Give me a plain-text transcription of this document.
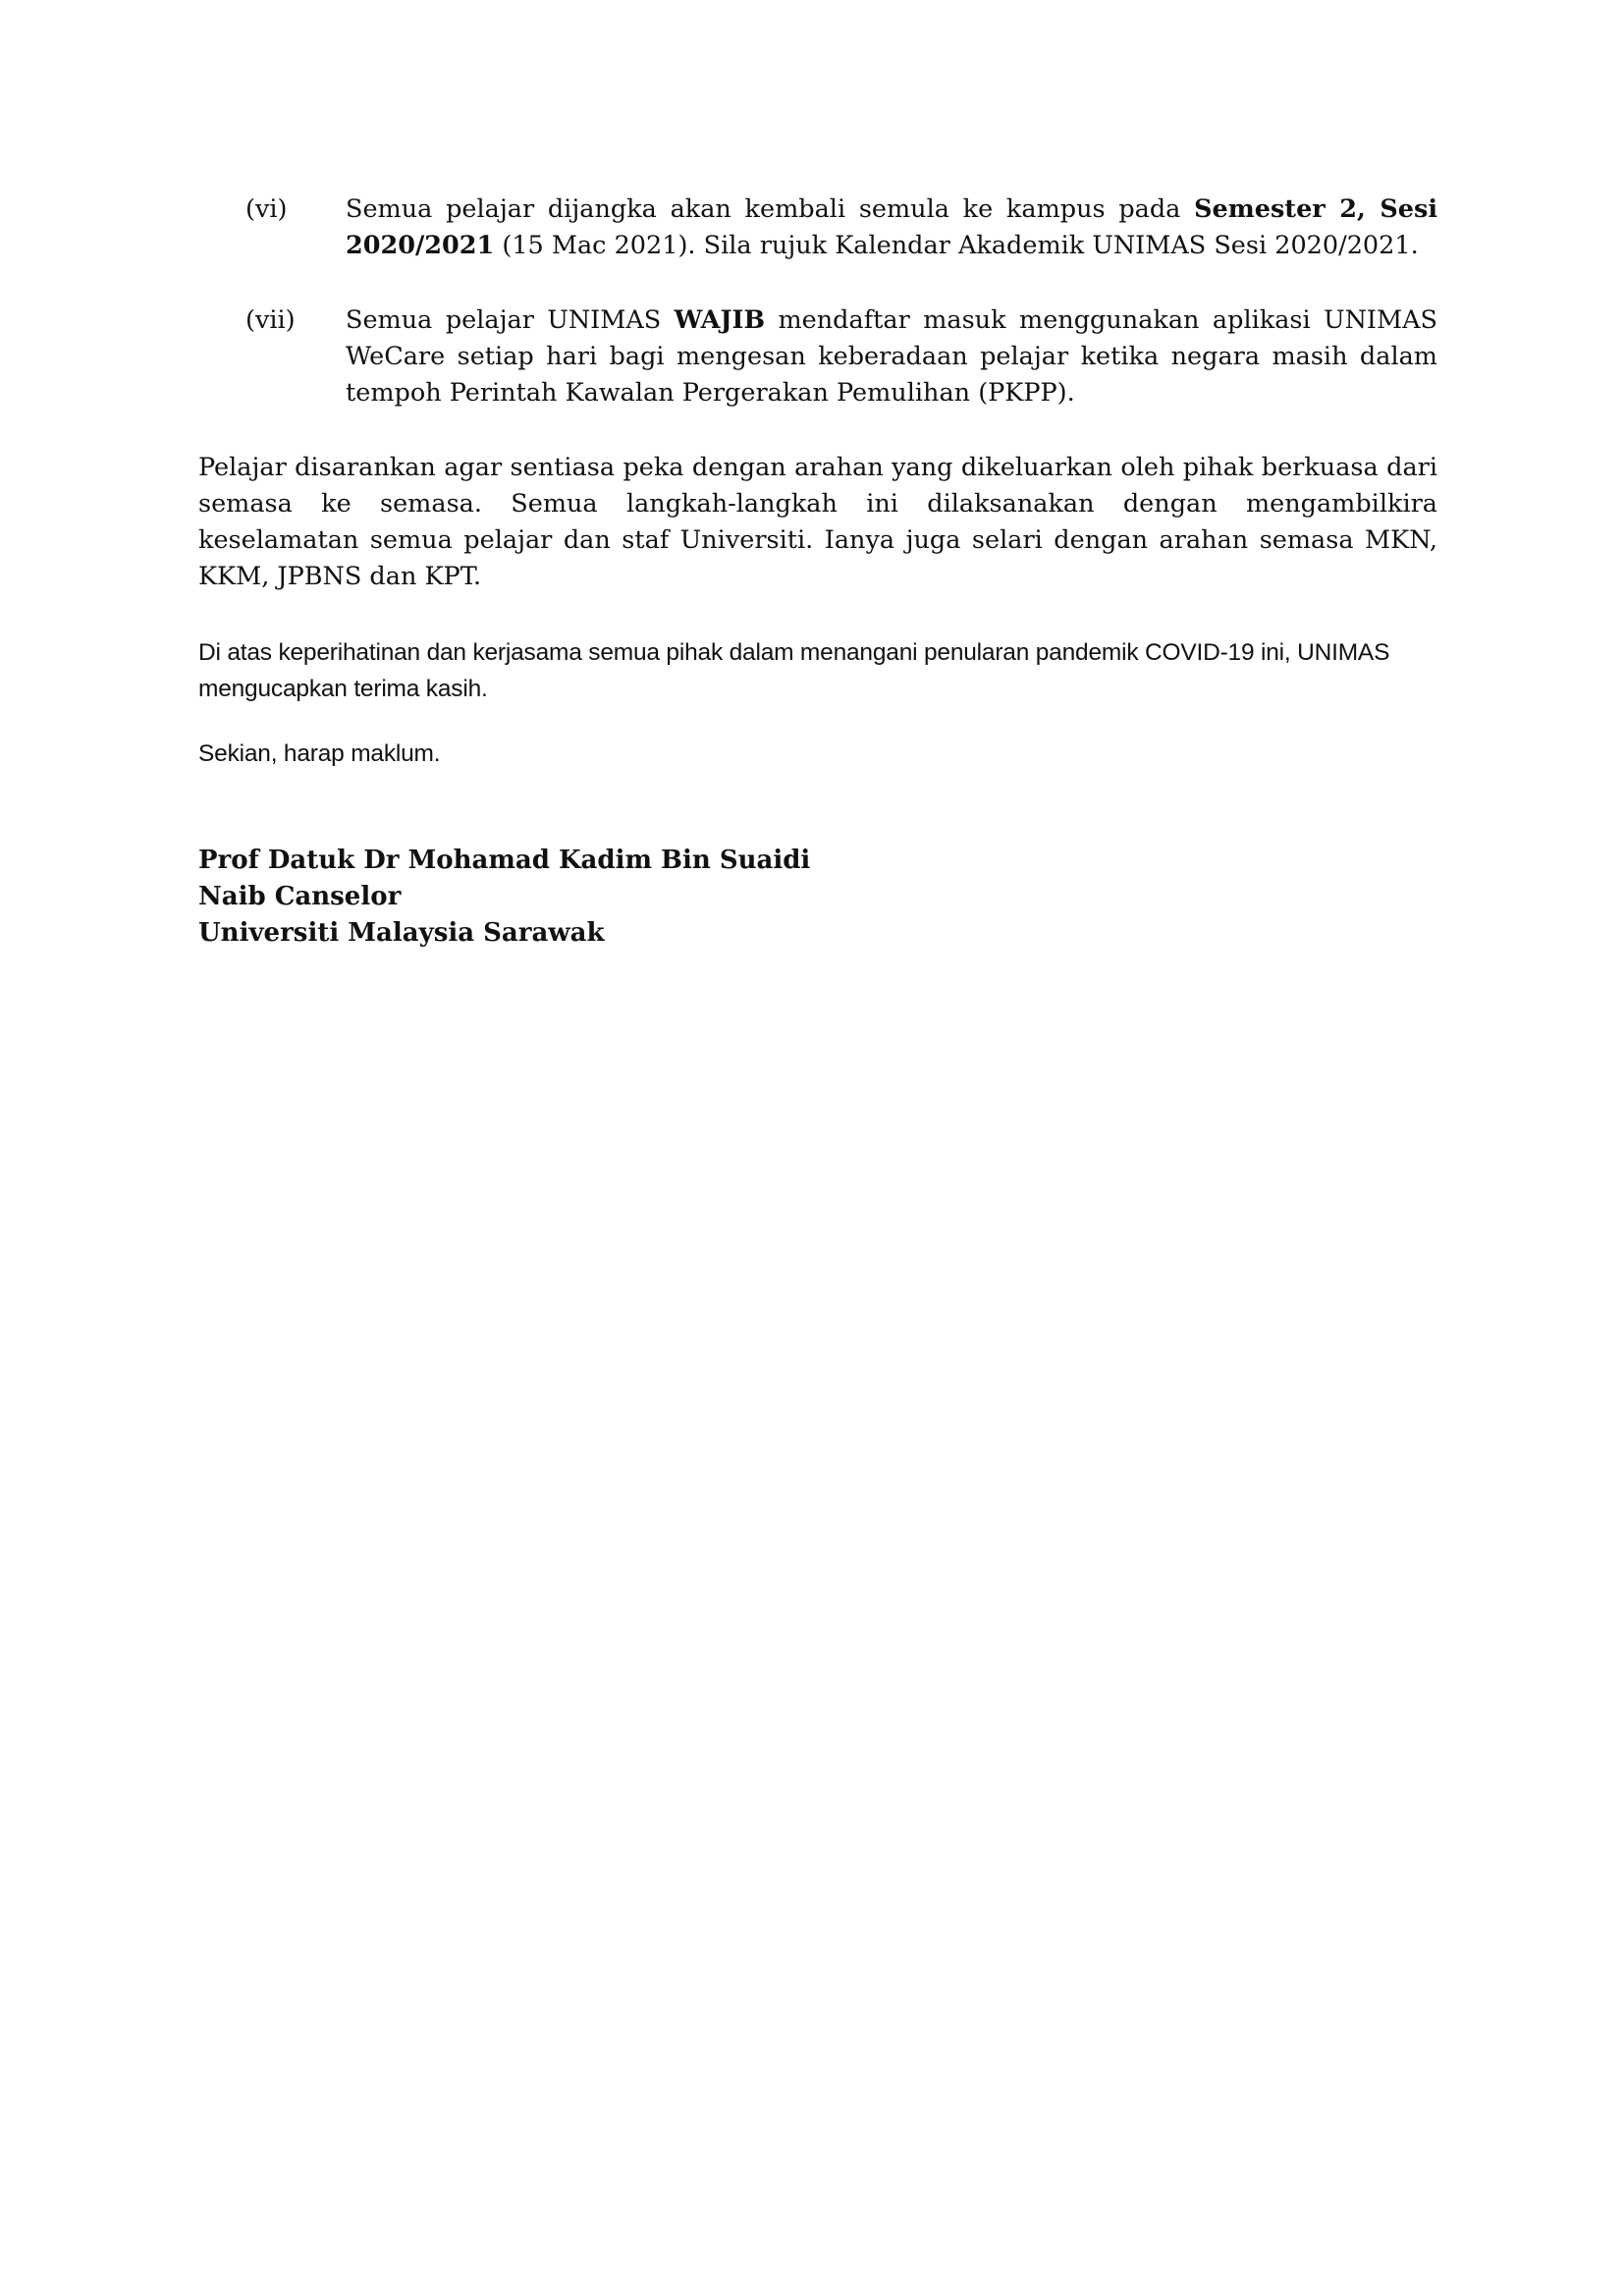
(vi)	Semua pelajar dijangka akan kembali semula ke kampus pada Semester 2, Sesi 2020/2021 (15 Mac 2021). Sila rujuk Kalendar Akademik UNIMAS Sesi 2020/2021.
(vii)	Semua pelajar UNIMAS WAJIB mendaftar masuk menggunakan aplikasi UNIMAS WeCare setiap hari bagi mengesan keberadaan pelajar ketika negara masih dalam tempoh Perintah Kawalan Pergerakan Pemulihan (PKPP).

Pelajar disarankan agar sentiasa peka dengan arahan yang dikeluarkan oleh pihak berkuasa dari semasa ke semasa. Semua langkah-langkah ini dilaksanakan dengan mengambilkira keselamatan semua pelajar dan staf Universiti. Ianya juga selari dengan arahan semasa MKN, KKM, JPBNS dan KPT.

Di atas keperihatinan dan kerjasama semua pihak dalam menangani penularan pandemik COVID-19 ini, UNIMAS mengucapkan terima kasih.

Sekian, harap maklum.

Prof Datuk Dr Mohamad Kadim Bin Suaidi
Naib Canselor
Universiti Malaysia Sarawak
